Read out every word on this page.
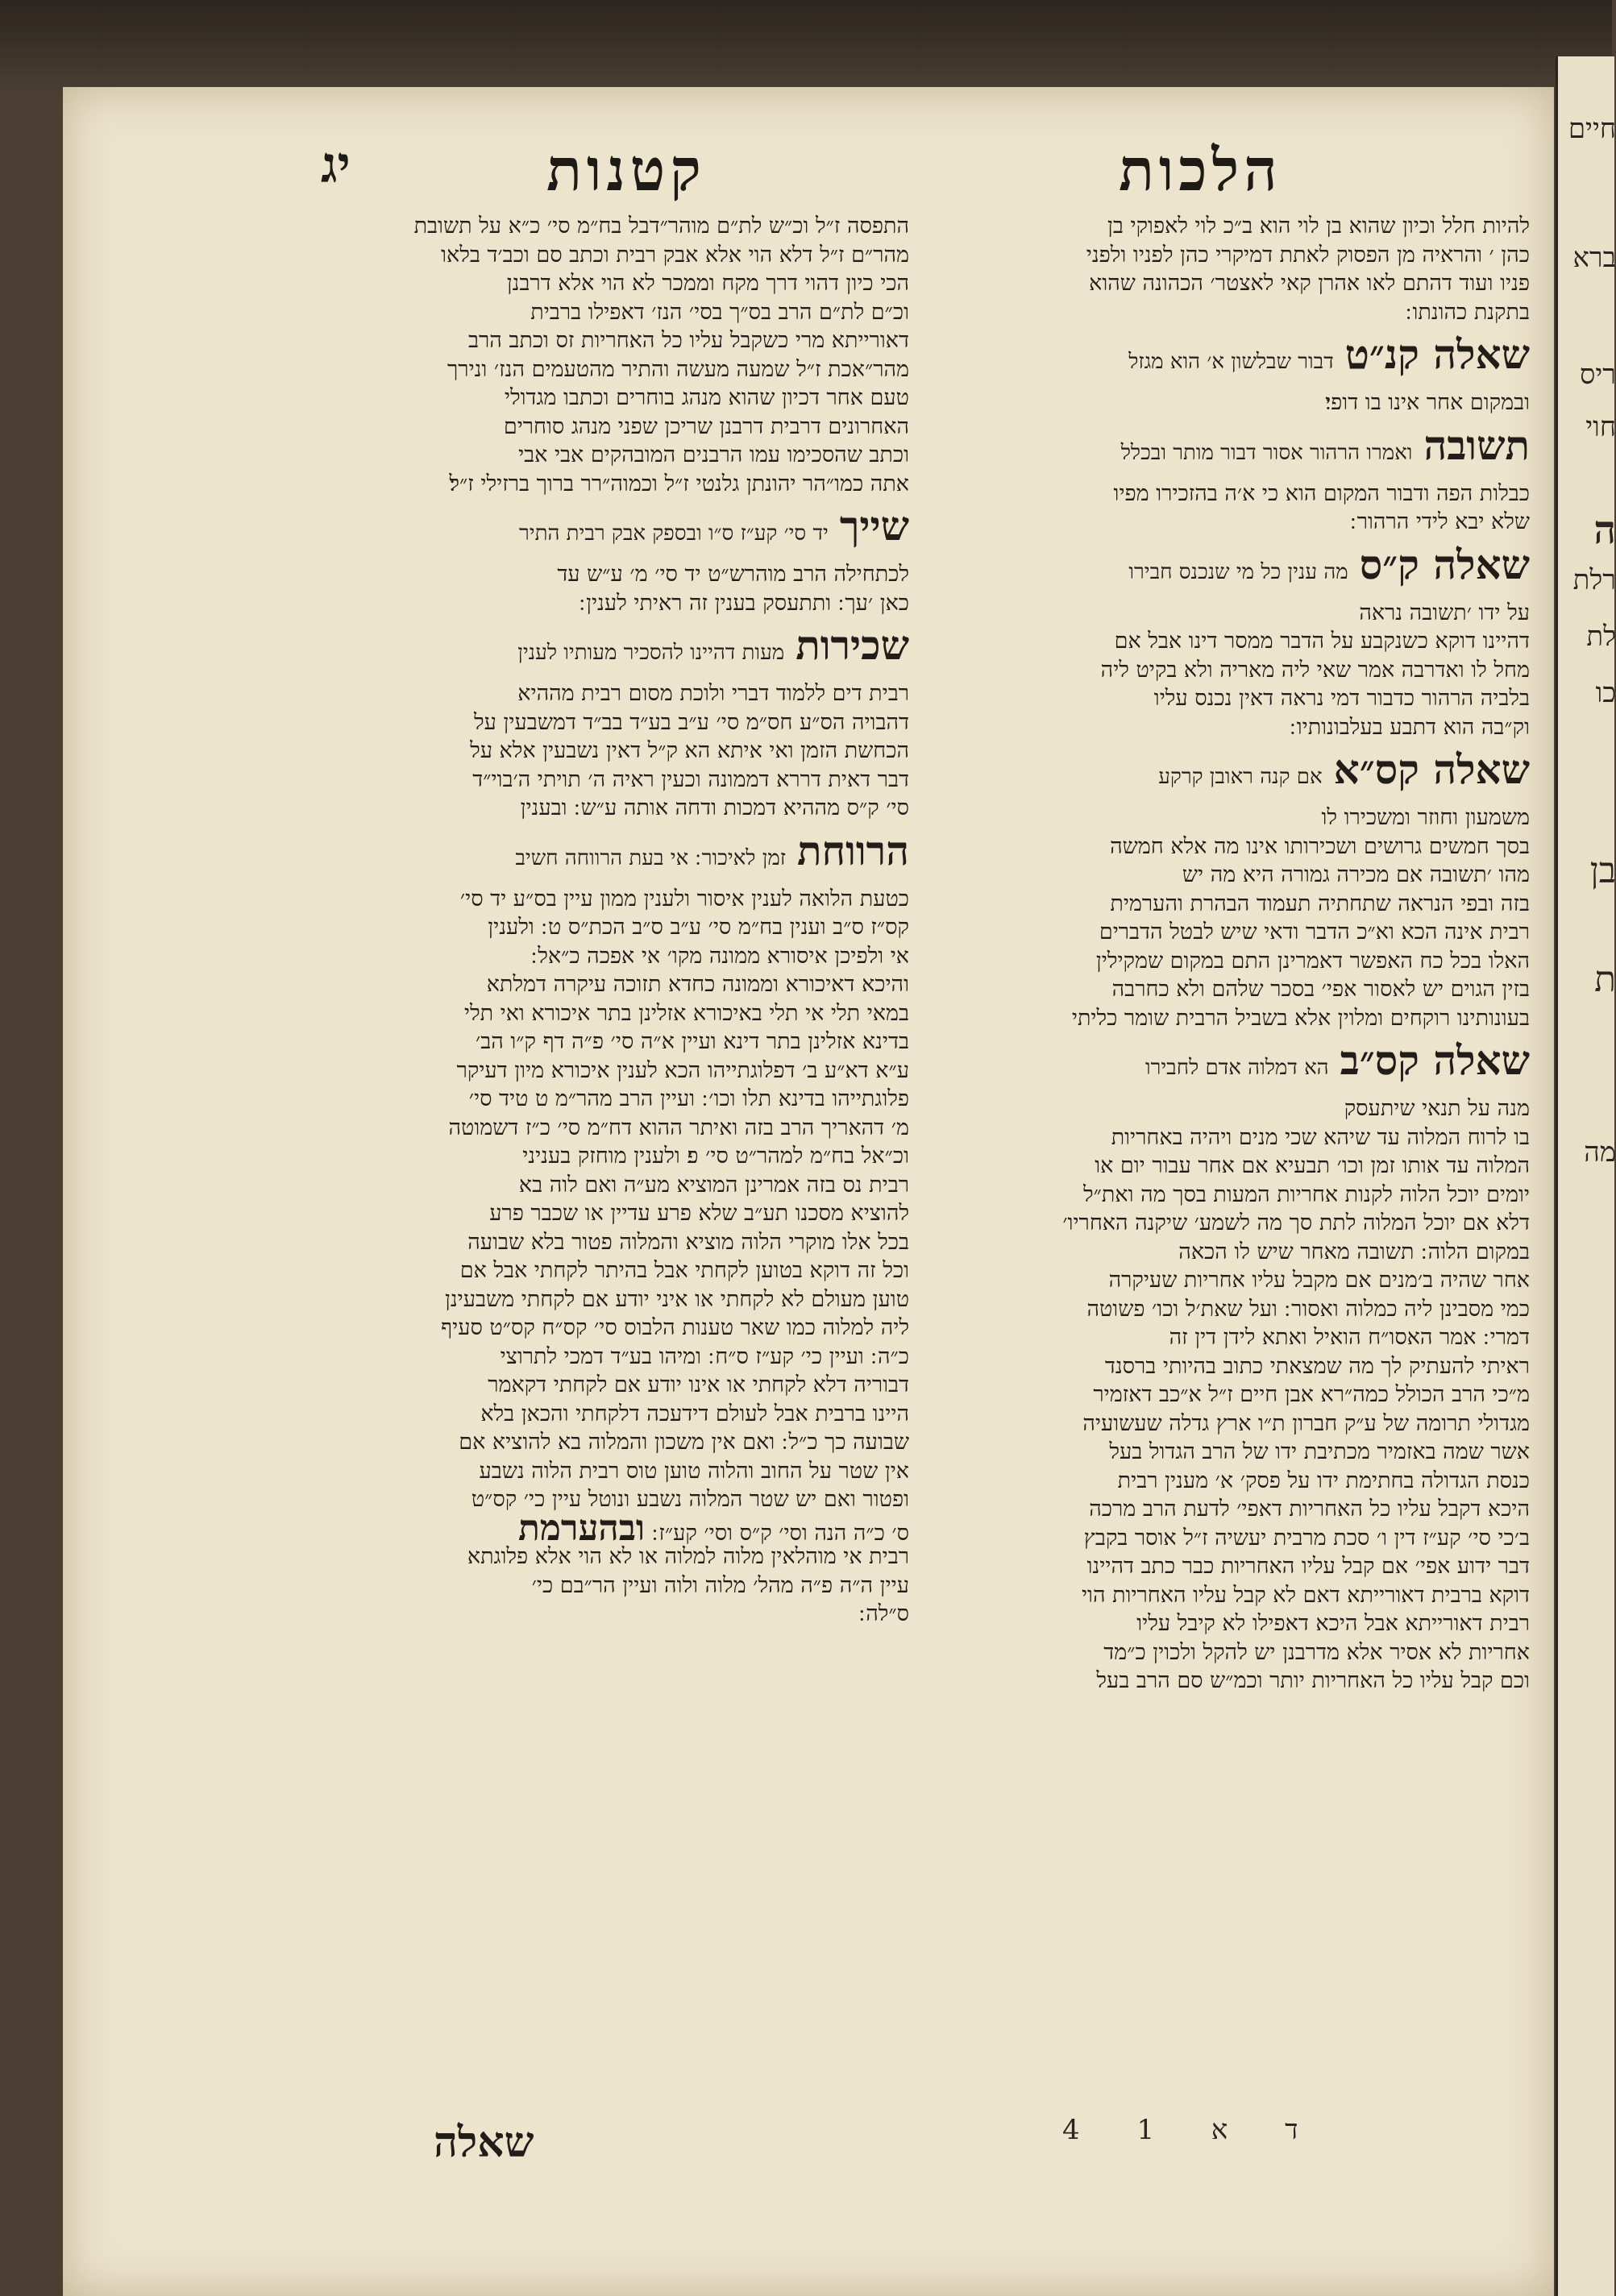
חיים
ברא
ריס
חוי
ה
רלת
לת
כו
בן
ת
מה
יג	קטנות	הלכות
להיות חלל וכיון שהוא בן לוי הוא ב״כ לוי לאפוקי בן
כהן ׳ והראיה מן הפסוק לאתת דמיקרי כהן לפניו ולפני
פניו ועוד דהתם לאו אהרן קאי לאצטר׳ הכהונה שהוא
בתקנת כהונתו ׃
שאלה קנ״טדבור שבלשון א׳ הוא מגזל
ובמקום אחר אינו בו דופי׃
תשובהואמרו הרהור אסור דבור מותר ובכלל
כבלות הפה ודבור המקום הוא כי א׳ה בהזכירו מפיו
שלא יבא לידי הרהור ׃
שאלה ק״סמה ענין כל מי שנכנס חבירו
על ידו ׳תשובה נראה
דהיינו דוקא כשנקבע על הדבר ממסר דינו אבל אם
מחל לו ואדרבה אמר שאי ליה מאריה ולא בקיט ליה
בלביה הרהור כדבור דמי נראה דאין נכנס עליו
וק״בה הוא דתבע בעלבונותיו ׃
שאלה קס״אאם קנה ראובן קרקע
משמעון וחוזר ומשכירו לו
בסך חמשים גרושים ושכירותו אינו מה אלא חמשה
מהו ׳תשובה אם מכירה גמורה היא מה יש
בזה ובפי הנראה שתחתיה תעמוד הבהרת והערמית
רבית אינה הכא וא״כ הדבר ודאי שיש לבטל הדברים
האלו בכל כח האפשר דאמרינן התם במקום שמקילין
בזין הגוים יש לאסור אפי׳ בסכר שלהם ולא כחרבה
בעונותינו רוקחים ומלוין אלא בשביל הרבית שומר כליתי
שאלה קס״בהא דמלוה אדם לחבירו
מנה על תנאי שיתעסק
בו לרוח המלוה עד שיהא שכי מנים ויהיה באחריות
המלוה עד אותו זמן וכו׳ תבעיא אם אחר עבור יום או
יומים יוכל הלוה לקנות אחריות המעות בסך מה ואת״ל
דלא אם יוכל המלוה לתת סך מה לשמע׳ שיקנה האחריו׳
במקום הלוה ׃ תשובה מאחר שיש לו הכאה
אחר שהיה ב׳מנים אם מקבל עליו אחריות שעיקרה
כמי מסבינן ליה כמלוה ואסור ׃ ועל שאת׳ל וכו׳ פשוטה
דמרי ׃ אמר האסו״ח הואיל ואתא לידן דין זה
ראיתי להעתיק לך מה שמצאתי כתוב בהיותי ברסנד
מ״כי הרב הכולל כמה״רא אבן חיים ז״ל א״כב דאזמיר
מגדולי תרומה של ע״ק חברון ת״ו ארץ גדלה שעשועיה
אשר שמה באזמיר מכתיבת ידו של הרב הגדול בעל
כנסת הגדולה בחתימת ידו על פסק׳ א׳ מענין רבית
היכא דקבל עליו כל האחריות דאפי׳ לדעת הרב מרכה
ב׳כי סי׳ קע״ז דין ו׳ סכת מרבית יעשיה ז״ל אוסר בקבץ
דבר ידוע אפי׳ אם קבל עליו האחריות כבר כתב דהיינו
דוקא ברבית דאורייתא דאם לא קבל עליו האחריות הוי
רבית דאורייתא אבל היכא דאפילו לא קיבל עליו
אחריות לא אסיר אלא מדרבנן יש להקל ולכוין כ״מד
וכם קבל עליו כל האחריות יותר וכמ״ש סם הרב בעל
התפסה ז״ל וכ״ש לת״ם מוהר״דבל בח״מ סי׳ כ״א על תשובת
מהר״ם ז״ל דלא הוי אלא אבק רבית וכתב סם וכב׳ד בלאו
הכי כיון דהוי דרך מקח וממכר לא הוי אלא דרבנן
וכ״ם לת״ם הרב בס״ך בסי׳ הנז׳ דאפילו ברבית
דאורייתא מרי כשקבל עליו כל האחריות זס וכתב הרב
מהר״אכת ז״ל שמעה מעשה והתיר מהטעמים הנז׳ ונירך
טעם אחר דכיון שהוא מנהג בוחרים וכתבו מגדולי
האחרונים דרבית דרבנן שריכן שפני מנהג סוחרים
וכתב שהסכימו עמו הרבנים המובהקים אבי אבי
אתה כמו״הר יהונתן גלנטי ז״ל וכמוה״רר ברוך ברזילי ז״ל׃
שייךיד סי׳ קע״ז ס״ו ובספק אבק רבית התיר
לכתחילה הרב מוהרש״ט יד סי׳ מ׳ ע״ש עד
כאן ׳עך ׃ ותתעסק בענין זה ראיתי לענין ׃
שכירותמעות דהיינו להסכיר מעותיו לענין
רבית דים ללמוד דברי ולוכת מסום רבית מההיא
דהבויה הס״ע חס״מ סי׳ ע״ב בע״ד בב״ד דמשבעין על
הכחשת הזמן ואי איתא הא ק״ל דאין נשבעין אלא על
דבר דאית דררא דממונה וכעין ראיה ה׳ תויתי ה׳בוי״ד
סי׳ ק״ס מההיא דמכות ודחה אותה ע״ש ׃ ובענין
הרווחתזמן לאיכור ׃ אי בעת הרווחה חשיב
כטעת הלואה לענין איסור ולענין ממון עיין בס״ע יד סי׳
קס״ז ס״ב וענין בח״מ סי׳ ע״ב ס״ב הכת״ס ט ׃ ולענין
אי ולפיכן איסורא ממונה מקו׳ אי אפכה כ״אל ׃
והיכא דאיכורא וממונה כחדא תזוכה עיקרה דמלתא
במאי תלי אי תלי באיכורא אזלינן בתר איכורא ואי תלי
בדינא אזלינן בתר דינא ועיין א״ה סי׳ פ״ה דף ק״ו הב׳
ע״א דא״ע ב׳ דפלוגתייהו הכא לענין איכורא מיון דעיקר
פלוגתייהו בדינא תלו וכו׳ ׃ ועיין הרב מהר״מ ט טיד סי׳
מ׳ דהאריך הרב בזה ואיתר ההוא דח״מ סי׳ כ״ז דשמוטה
וכ״אל בח״מ למהר״ט סי׳ פ׃ ולענין מוחזק בעניני
רבית נס בזה אמרינן המוציא מע״ה ואם לוה בא
להוציא מסכנו תע״ב שלא פרע עדיין או שכבר פרע
בכל אלו מוקרי הלוה מוציא והמלוה פטור בלא שבועה
וכל זה דוקא בטוען לקחתי אבל בהיתר לקחתי אבל אם
טוען מעולם לא לקחתי או איני יודע אם לקחתי משבעינן
ליה למלוה כמו שאר טענות הלבוס סי׳ קס״ח קס״ט סעיף
כ״ה ׃ ועיין כי׳ קע״ז ס״ח ׃ ומיהו בע״ד דמכי לתרוצי
דבוריה דלא לקחתי או אינו יודע אם לקחתי דקאמר
היינו ברבית אבל לעולם דידעכה דלקחתי והכאן בלא
שבועה כך כ״ל ׃ ואם אין משכון והמלוה בא להוציא אם
אין שטר על החוב והלוה טוען טוס רבית הלוה נשבע
ופטור ואם יש שטר המלוה נשבע ונוטל עיין כי׳ קס״ט
ס׳ כ״ה הנה וסי׳ ק״ס וסי׳ קע״ז ׃ ובהערמת
רבית אי מוהלאין מלוה למלוה או לא הוי אלא פלוגתא
עיין ה״ה פ״ה מהל׳ מלוה ולוה ועיין הר״בם כי׳
ס״לה ׃
שאלה	ד א 1 4
